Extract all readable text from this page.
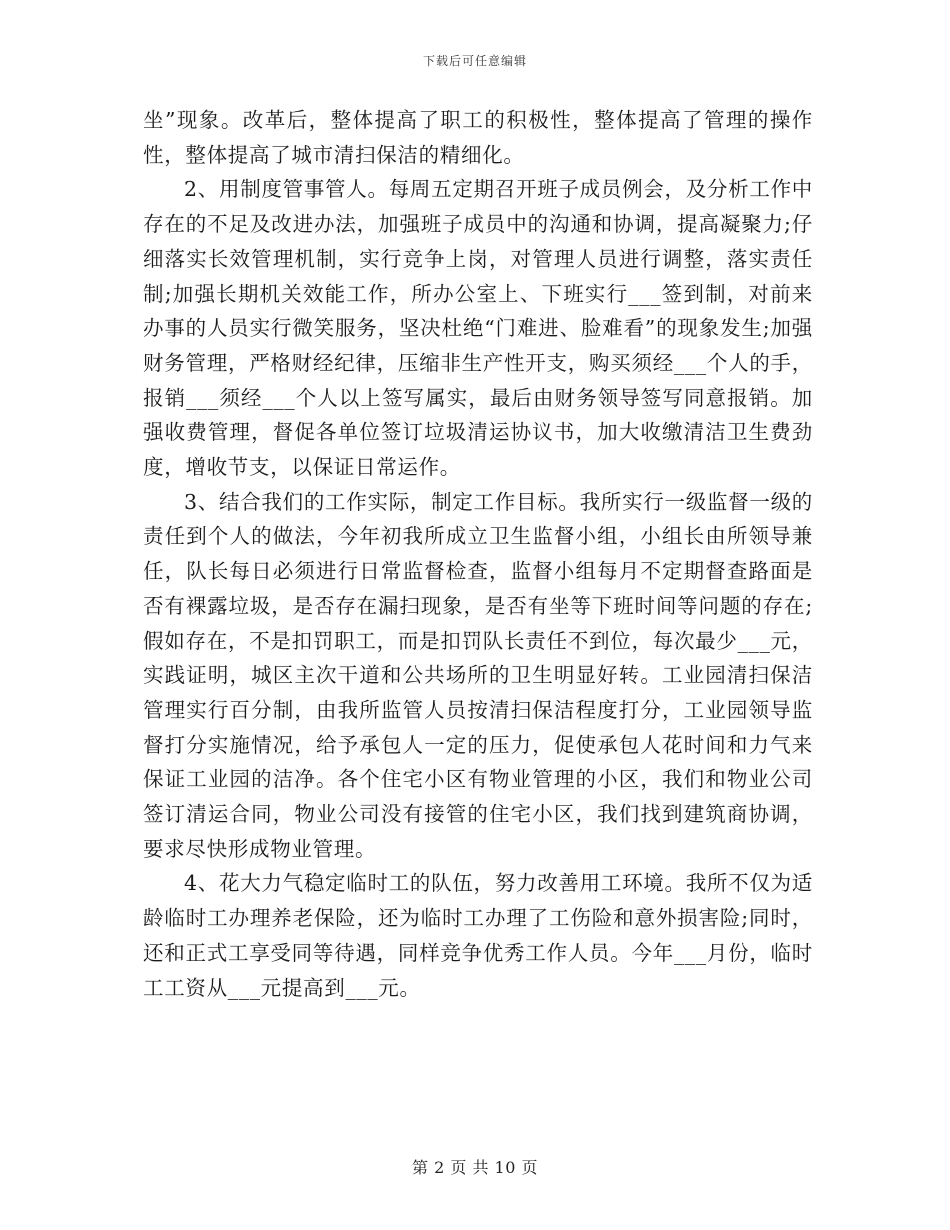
下载后可任意编辑

坐”现象。改革后，整体提高了职工的积极性，整体提高了管理的操作性，整体提高了城市清扫保洁的精细化。

2、用制度管事管人。每周五定期召开班子成员例会，及分析工作中存在的不足及改进办法，加强班子成员中的沟通和协调，提高凝聚力;仔细落实长效管理机制，实行竞争上岗，对管理人员进行调整，落实责任制;加强长期机关效能工作，所办公室上、下班实行___签到制，对前来办事的人员实行微笑服务，坚决杜绝“门难进、脸难看”的现象发生;加强财务管理，严格财经纪律，压缩非生产性开支，购买须经___个人的手，报销___须经___个人以上签写属实，最后由财务领导签写同意报销。加强收费管理，督促各单位签订垃圾清运协议书，加大收缴清洁卫生费劲度，增收节支，以保证日常运作。

3、结合我们的工作实际，制定工作目标。我所实行一级监督一级的责任到个人的做法，今年初我所成立卫生监督小组，小组长由所领导兼任，队长每日必须进行日常监督检查，监督小组每月不定期督查路面是否有裸露垃圾，是否存在漏扫现象，是否有坐等下班时间等问题的存在;假如存在，不是扣罚职工，而是扣罚队长责任不到位，每次最少___元，实践证明，城区主次干道和公共场所的卫生明显好转。工业园清扫保洁管理实行百分制，由我所监管人员按清扫保洁程度打分，工业园领导监督打分实施情况，给予承包人一定的压力，促使承包人花时间和力气来保证工业园的洁净。各个住宅小区有物业管理的小区，我们和物业公司签订清运合同，物业公司没有接管的住宅小区，我们找到建筑商协调，要求尽快形成物业管理。

4、花大力气稳定临时工的队伍，努力改善用工环境。我所不仅为适龄临时工办理养老保险，还为临时工办理了工伤险和意外损害险;同时，还和正式工享受同等待遇，同样竞争优秀工作人员。今年___月份，临时工工资从___元提高到___元。

第 2 页 共 10 页
